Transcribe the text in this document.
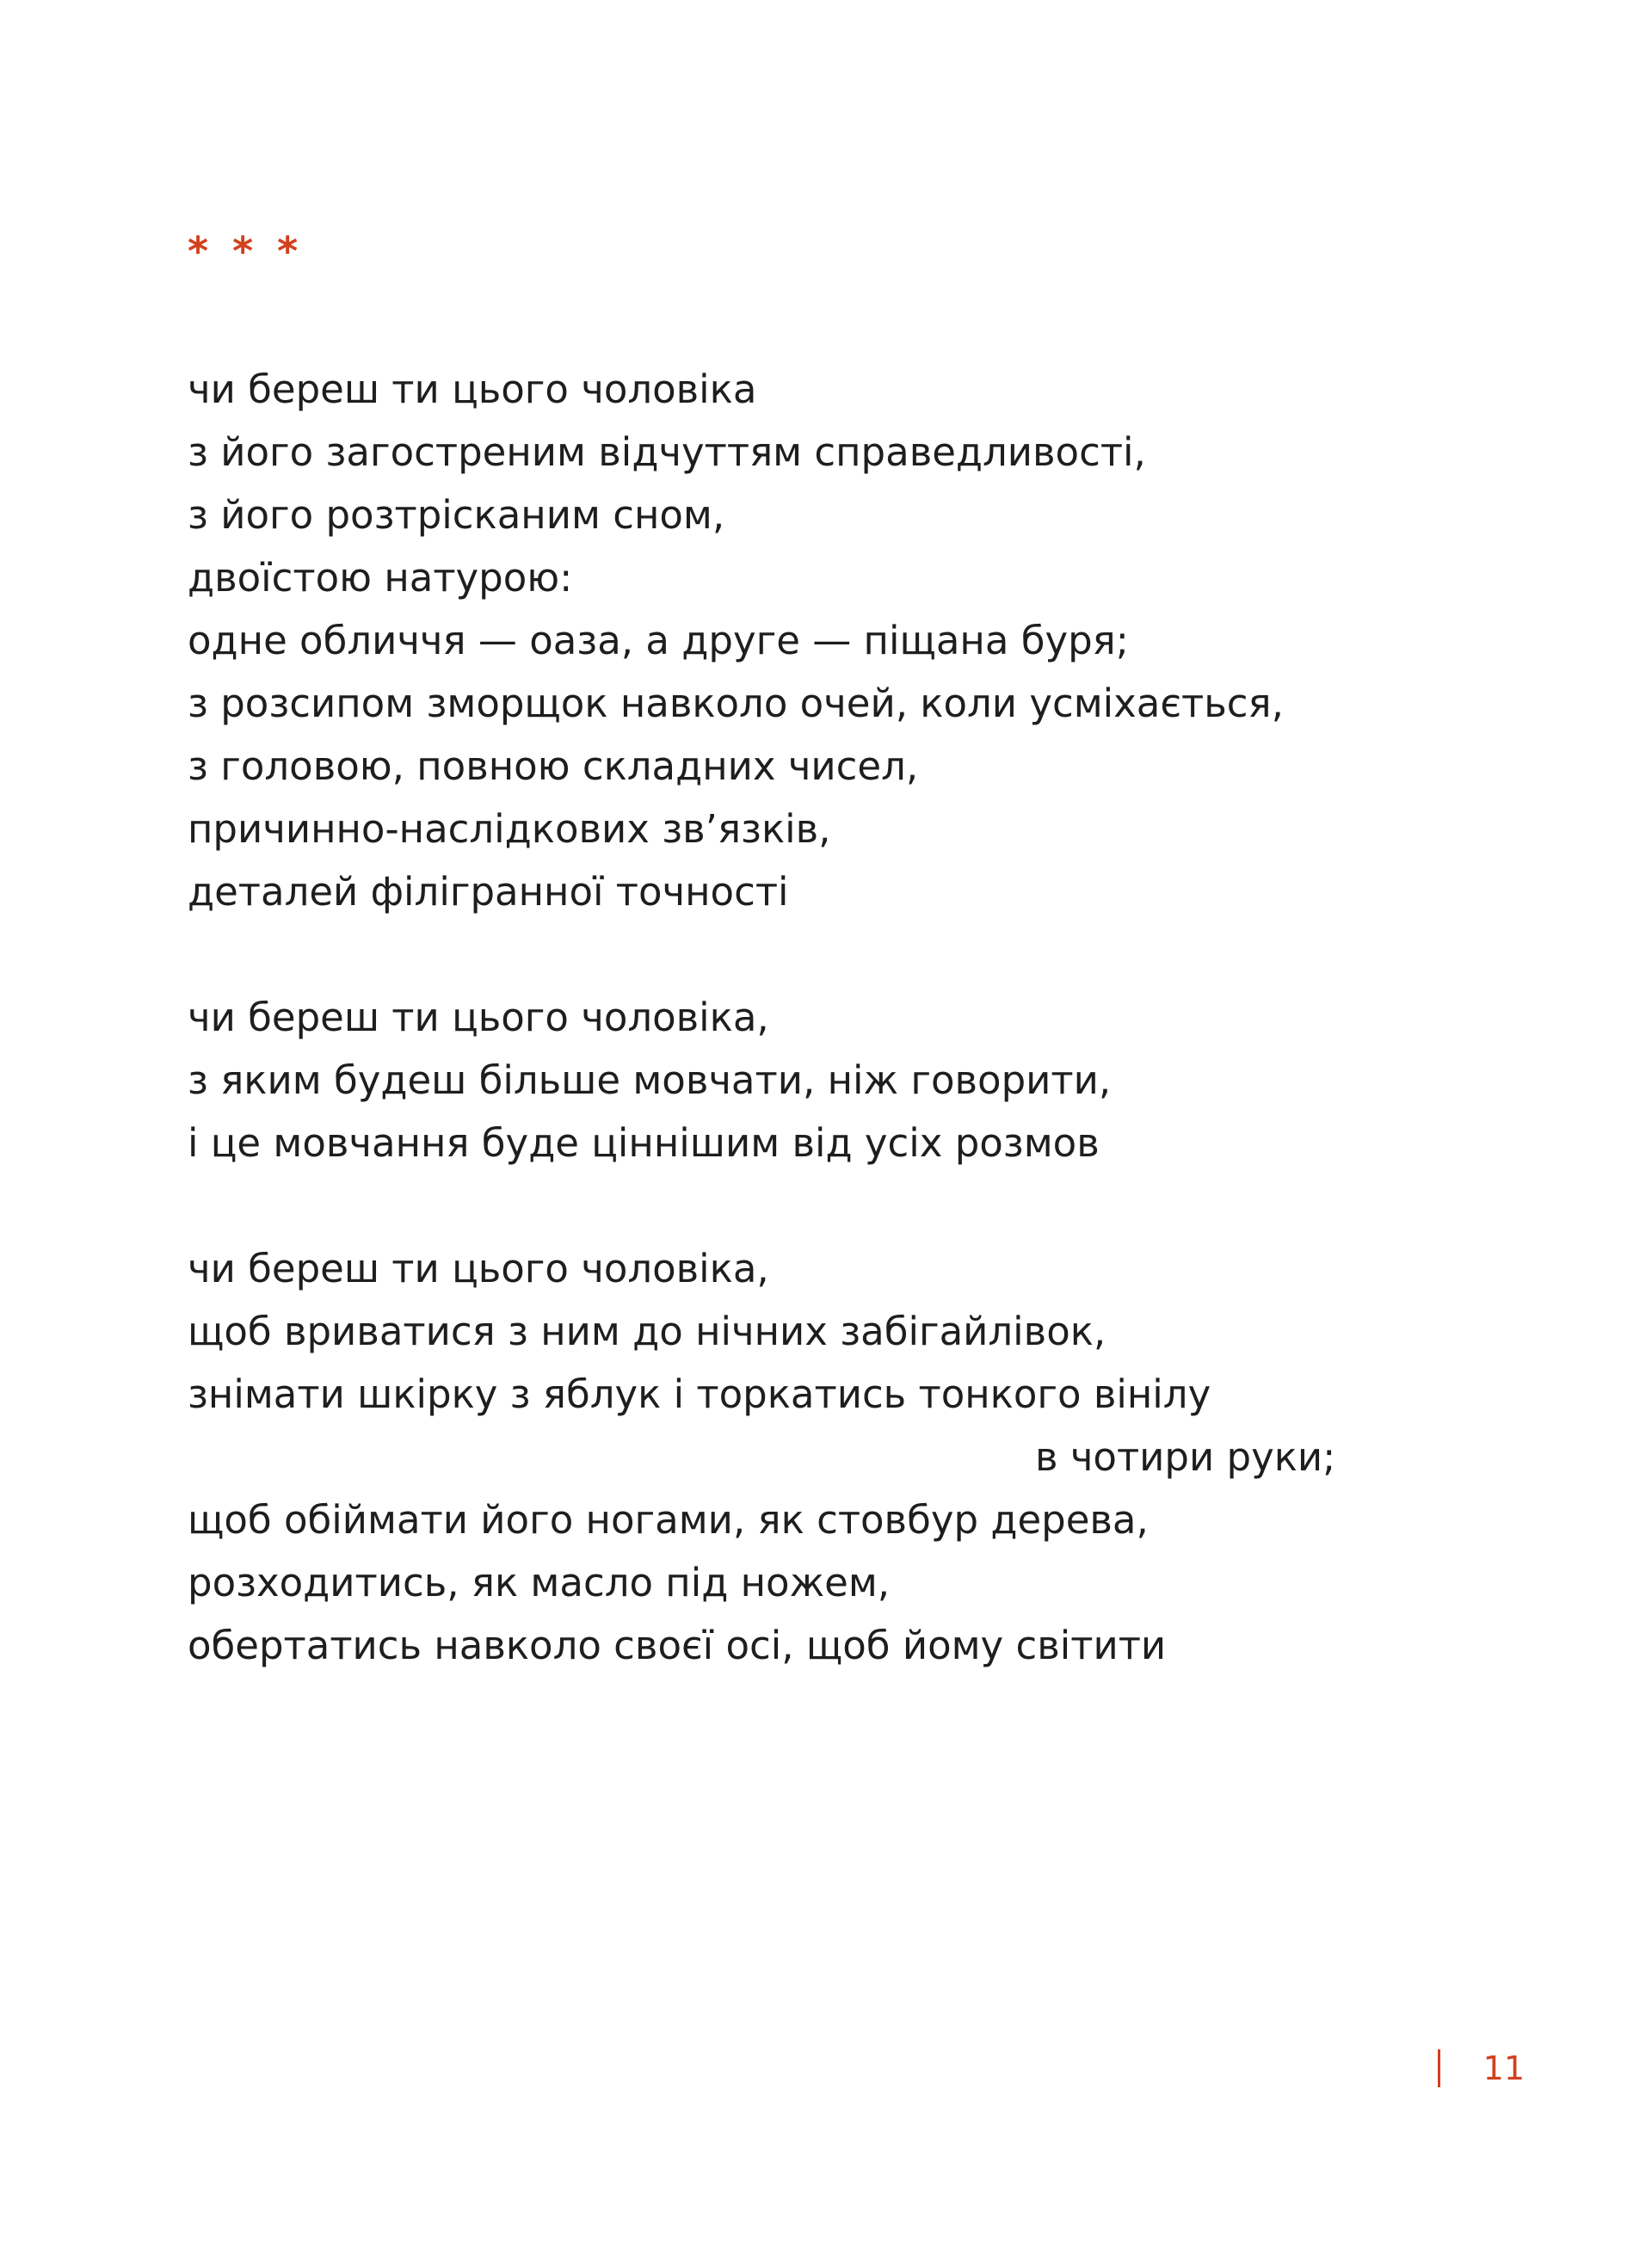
* * *

чи береш ти цього чоловіка
з його загостреним відчуттям справедливості,
з його розтрісканим сном,
двоїстою натурою:
одне обличчя — оаза, а друге — піщана буря;
з розсипом зморщок навколо очей, коли усміхається,
з головою, повною складних чисел,
причинно-наслідкових зв’язків,
деталей філігранної точності
чи береш ти цього чоловіка,
з яким будеш більше мовчати, ніж говорити,
і це мовчання буде ціннішим від усіх розмов
чи береш ти цього чоловіка,
щоб вриватися з ним до нічних забігайлівок,
знімати шкірку з яблук і торкатись тонкого вінілу
в чотири руки;
щоб обіймати його ногами, як стовбур дерева,
розходитись, як масло під ножем,
обертатись навколо своєї осі, щоб йому світити
11
